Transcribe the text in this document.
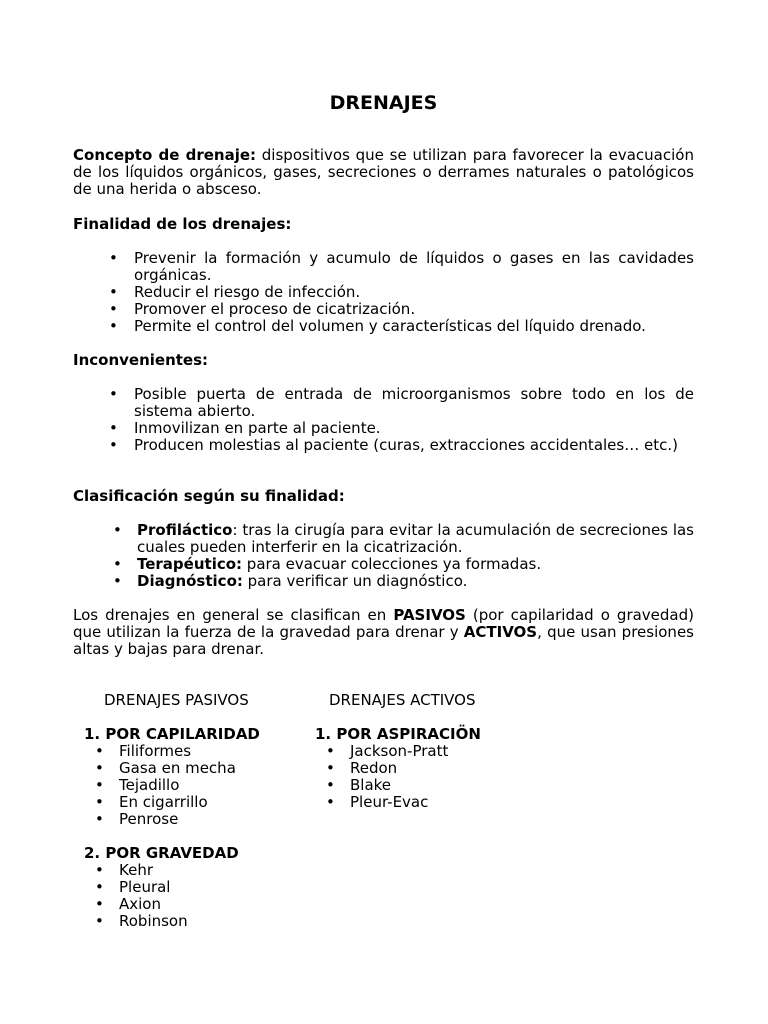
DRENAJES
Concepto de drenaje: dispositivos que se utilizan para favorecer la evacuación de los líquidos orgánicos, gases, secreciones o derrames naturales o patológicos de una herida o absceso.
Finalidad de los drenajes:
• Prevenir la formación y acumulo de líquidos o gases en las cavidades orgánicas.
• Reducir el riesgo de infección.
• Promover el proceso de cicatrización.
• Permite el control del volumen y características del líquido drenado.
Inconvenientes:
• Posible puerta de entrada de microorganismos sobre todo en los de sistema abierto.
• Inmovilizan en parte al paciente.
• Producen molestias al paciente (curas, extracciones accidentales… etc.)
Clasificación según su finalidad:
• Profiláctico: tras la cirugía para evitar la acumulación de secreciones las cuales pueden interferir en la cicatrización.
• Terapéutico: para evacuar colecciones ya formadas.
• Diagnóstico: para verificar un diagnóstico.
Los drenajes en general se clasifican en PASIVOS (por capilaridad o gravedad) que utilizan la fuerza de la gravedad para drenar y ACTIVOS, que usan presiones altas y bajas para drenar.
DRENAJES PASIVOS	DRENAJES ACTIVOS
1. POR CAPILARIDAD
• Filiformes
• Gasa en mecha
• Tejadillo
• En cigarrillo
• Penrose
2. POR GRAVEDAD
• Kehr
• Pleural
• Axion
• Robinson
1. POR ASPIRACIÖN
• Jackson-Pratt
• Redon
• Blake
• Pleur-Evac
